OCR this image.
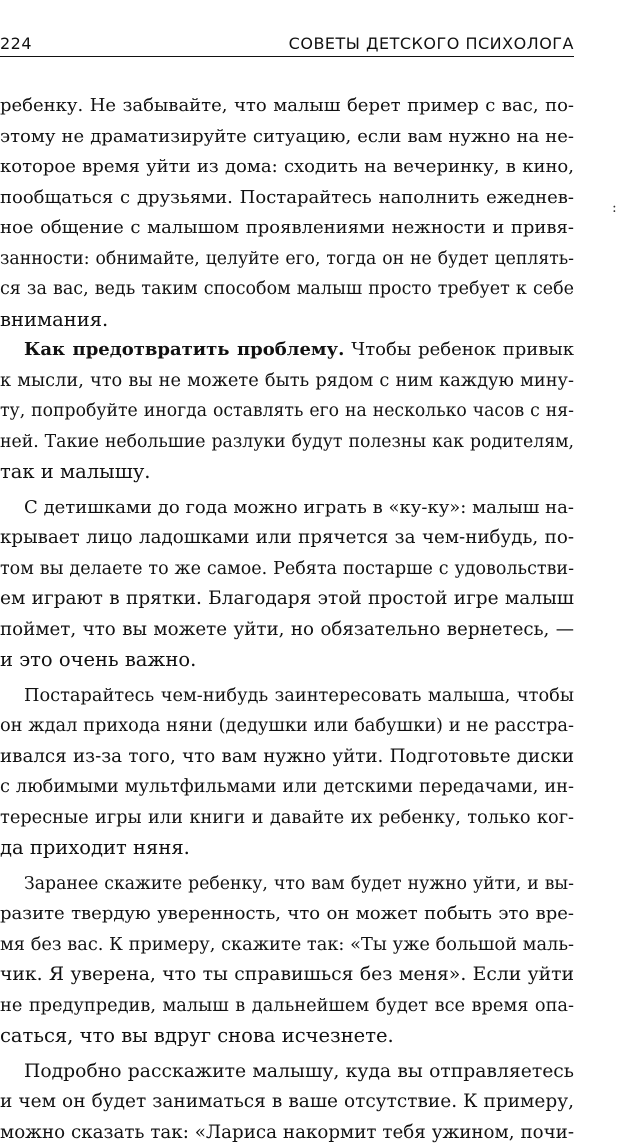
224	СОВЕТЫ ДЕТСКОГО ПСИХОЛОГА
:

ребенку. Не забывайте, что малыш берет пример с вас, по-

этому не драматизируйте ситуацию, если вам нужно на не-

которое время уйти из дома: сходить на вечеринку, в кино,

пообщаться с друзьями. Постарайтесь наполнить ежеднев-

ное общение с малышом проявлениями нежности и привя-

занности: обнимайте, целуйте его, тогда он не будет цеплять-

ся за вас, ведь таким способом малыш просто требует к себе

внимания.

Как предотвратить проблему. Чтобы ребенок привык

к мысли, что вы не можете быть рядом с ним каждую мину-

ту, попробуйте иногда оставлять его на несколько часов с ня-

ней. Такие небольшие разлуки будут полезны как родителям,

так и малышу.

С детишками до года можно играть в «ку-ку»: малыш на-

крывает лицо ладошками или прячется за чем-нибудь, по-

том вы делаете то же самое. Ребята постарше с удовольстви-

ем играют в прятки. Благодаря этой простой игре малыш

поймет, что вы можете уйти, но обязательно вернетесь, —

и это очень важно.

Постарайтесь чем-нибудь заинтересовать малыша, чтобы

он ждал прихода няни (дедушки или бабушки) и не расстра-

ивался из-за того, что вам нужно уйти. Подготовьте диски

с любимыми мультфильмами или детскими передачами, ин-

тересные игры или книги и давайте их ребенку, только ког-

да приходит няня.

Заранее скажите ребенку, что вам будет нужно уйти, и вы-

разите твердую уверенность, что он может побыть это вре-

мя без вас. К примеру, скажите так: «Ты уже большой маль-

чик. Я уверена, что ты справишься без меня». Если уйти

не предупредив, малыш в дальнейшем будет все время опа-

саться, что вы вдруг снова исчезнете.

Подробно расскажите малышу, куда вы отправляетесь

и чем он будет заниматься в ваше отсутствие. К примеру,

можно сказать так: «Лариса накормит тебя ужином, почи-
